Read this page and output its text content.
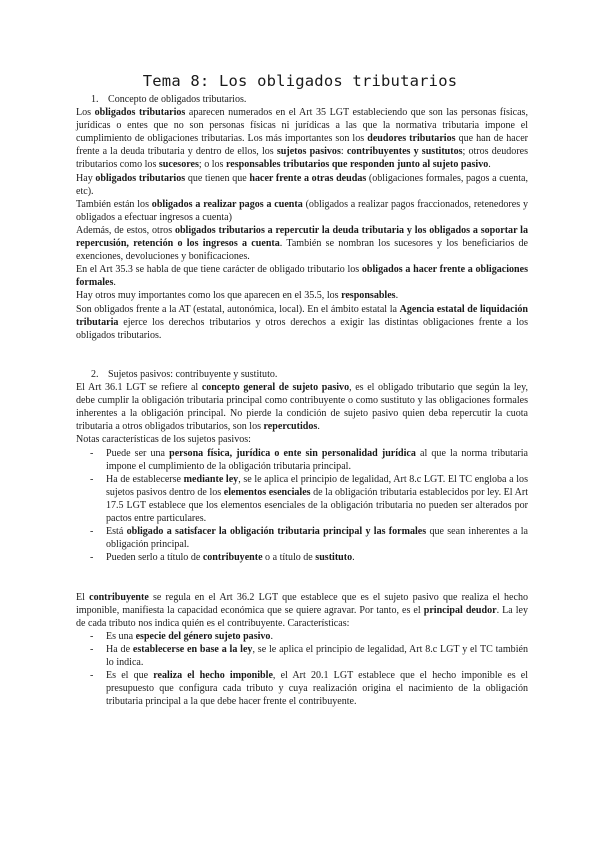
Tema 8: Los obligados tributarios

1. Concepto de obligados tributarios.

Los obligados tributarios aparecen numerados en el Art 35 LGT estableciendo que son las personas físicas, jurídicas o entes que no son personas físicas ni jurídicas a las que la normativa tributaria impone el cumplimiento de obligaciones tributarias. Los más importantes son los deudores tributarios que han de hacer frente a la deuda tributaria y dentro de ellos, los sujetos pasivos: contribuyentes y sustitutos; otros deudores tributarios como los sucesores; o los responsables tributarios que responden junto al sujeto pasivo.

Hay obligados tributarios que tienen que hacer frente a otras deudas (obligaciones formales, pagos a cuenta, etc).

También están los obligados a realizar pagos a cuenta (obligados a realizar pagos fraccionados, retenedores y obligados a efectuar ingresos a cuenta)

Además, de estos, otros obligados tributarios a repercutir la deuda tributaria y los obligados a soportar la repercusión, retención o los ingresos a cuenta. También se nombran los sucesores y los beneficiarios de exenciones, devoluciones y bonificaciones.

En el Art 35.3 se habla de que tiene carácter de obligado tributario los obligados a hacer frente a obligaciones formales.

Hay otros muy importantes como los que aparecen en el 35.5, los responsables.

Son obligados frente a la AT (estatal, autonómica, local). En el ámbito estatal la Agencia estatal de liquidación tributaria ejerce los derechos tributarios y otros derechos a exigir las distintas obligaciones frente a los obligados tributarios.

2. Sujetos pasivos: contribuyente y sustituto.

El Art 36.1 LGT se refiere al concepto general de sujeto pasivo, es el obligado tributario que según la ley, debe cumplir la obligación tributaria principal como contribuyente o como sustituto y las obligaciones formales inherentes a la obligación principal. No pierde la condición de sujeto pasivo quien deba repercutir la cuota tributaria a otros obligados tributarios, son los repercutidos.

Notas características de los sujetos pasivos:

- Puede ser una persona física, jurídica o ente sin personalidad jurídica al que la norma tributaria impone el cumplimiento de la obligación tributaria principal.

- Ha de establecerse mediante ley, se le aplica el principio de legalidad, Art 8.c LGT. El TC engloba a los sujetos pasivos dentro de los elementos esenciales de la obligación tributaria establecidos por ley. El Art 17.5 LGT establece que los elementos esenciales de la obligación tributaria no pueden ser alterados por pactos entre particulares.

- Está obligado a satisfacer la obligación tributaria principal y las formales que sean inherentes a la obligación principal.

- Pueden serlo a título de contribuyente o a título de sustituto.

El contribuyente se regula en el Art 36.2 LGT que establece que es el sujeto pasivo que realiza el hecho imponible, manifiesta la capacidad económica que se quiere agravar. Por tanto, es el principal deudor. La ley de cada tributo nos indica quién es el contribuyente. Características:

- Es una especie del género sujeto pasivo.

- Ha de establecerse en base a la ley, se le aplica el principio de legalidad, Art 8.c LGT y el TC también lo indica.

- Es el que realiza el hecho imponible, el Art 20.1 LGT establece que el hecho imponible es el presupuesto que configura cada tributo y cuya realización origina el nacimiento de la obligación tributaria principal a la que debe hacer frente el contribuyente.
